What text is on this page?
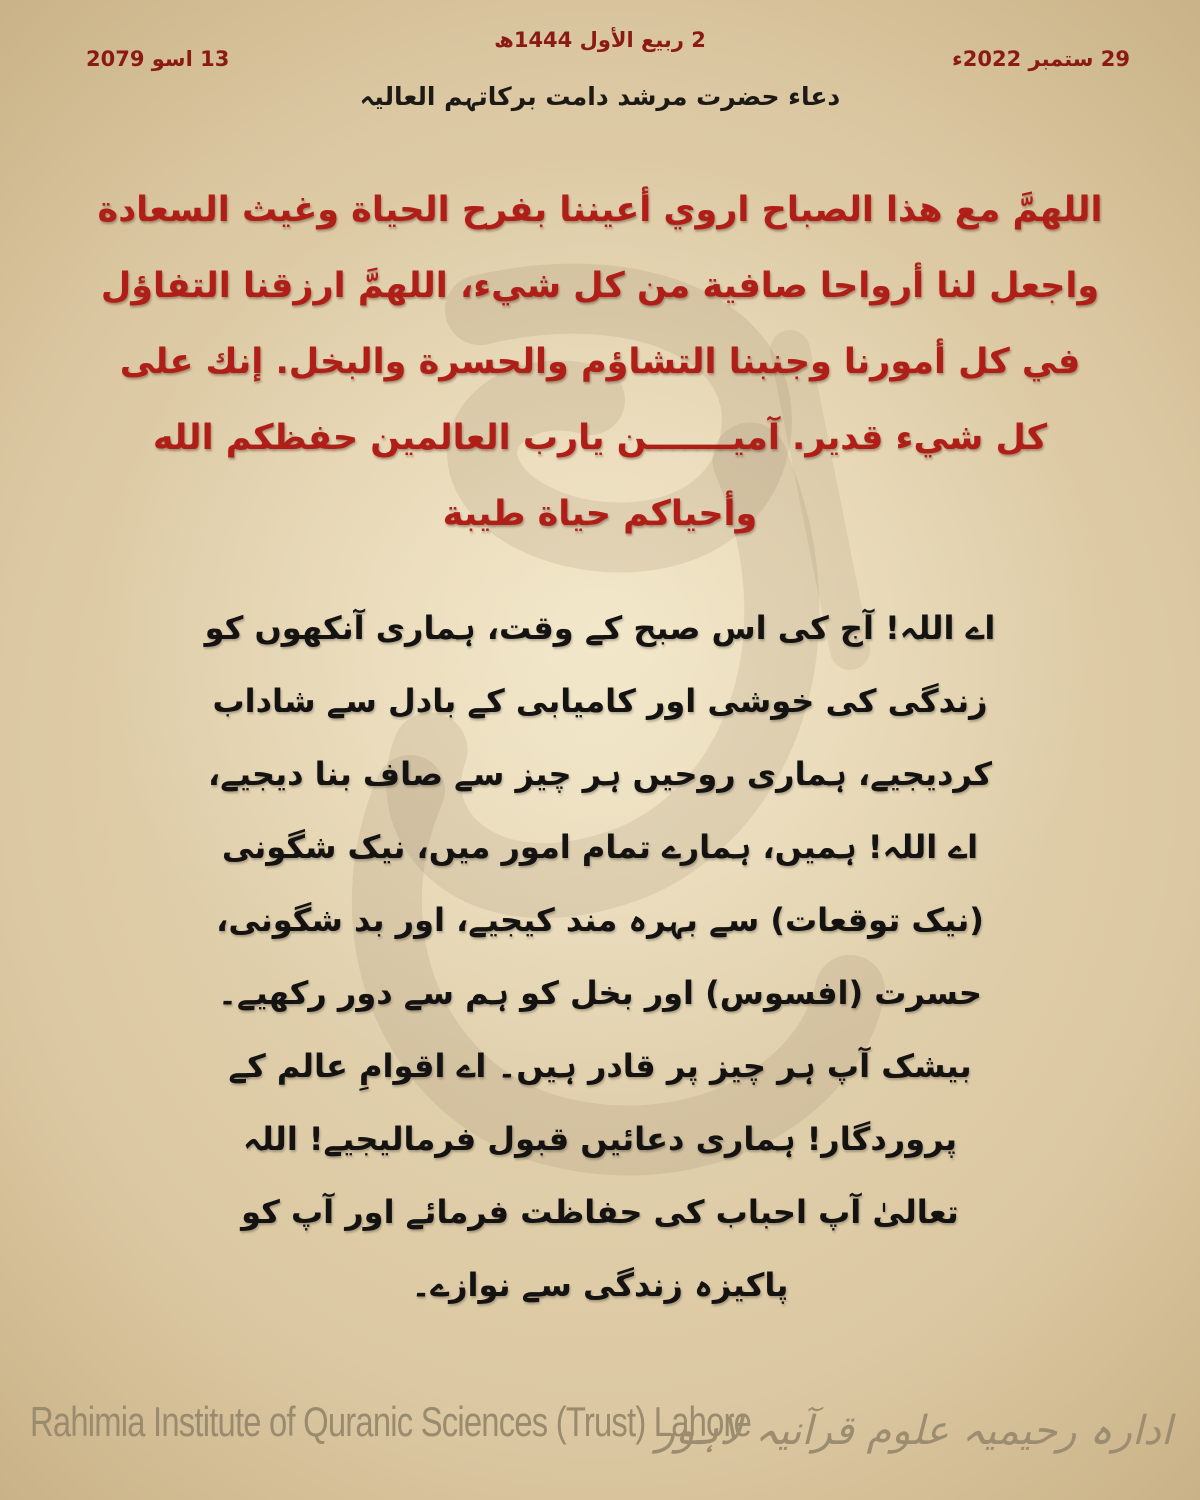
2 ربیع الأول 1444ھ
29 ستمبر 2022ء
13 اسو 2079
دعاء حضرت مرشد دامت برکاتہم العالیہ

اللهمَّ مع هذا الصباح اروي أعيننا بفرح الحياة وغيث السعادة واجعل لنا أرواحا صافية من كل شيء، اللهمَّ ارزقنا التفاؤل في كل أمورنا وجنبنا التشاؤم والحسرة والبخل. إنك على كل شيء قدير. آميـــــــن يارب العالمين حفظكم الله وأحياكم حياة طيبة

اے اللہ! آج کی اس صبح کے وقت، ہماری آنکھوں کو زندگی کی خوشی اور کامیابی کے بادل سے شاداب کردیجیے، ہماری روحیں ہر چیز سے صاف بنا دیجیے، اے اللہ! ہمیں، ہمارے تمام امور میں، نیک شگونی (نیک توقعات) سے بہرہ مند کیجیے، اور بد شگونی، حسرت (افسوس) اور بخل کو ہم سے دور رکھیے۔ بیشک آپ ہر چیز پر قادر ہیں۔ اے اقوامِ عالم کے پروردگار! ہماری دعائیں قبول فرمالیجیے! اللہ تعالیٰ آپ احباب کی حفاظت فرمائے اور آپ کو پاکیزہ زندگی سے نوازے۔

Rahimia Institute of Quranic Sciences (Trust) Lahore
ادارہ رحیمیہ علوم قرآنیہ لاہور
